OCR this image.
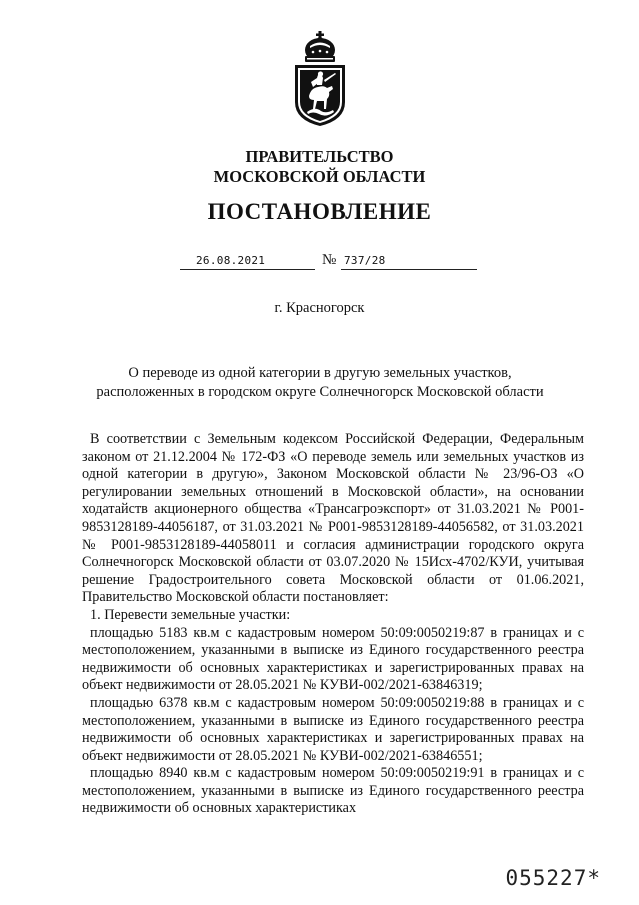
ПРАВИТЕЛЬСТВО
МОСКОВСКОЙ ОБЛАСТИ
ПОСТАНОВЛЕНИЕ
26.08.2021	№ 737/28
г. Красногорск
О переводе из одной категории в другую земельных участков,
расположенных в городском округе Солнечногорск Московской области

В соответствии с Земельным кодексом Российской Федерации, Федеральным законом от 21.12.2004 № 172-ФЗ «О переводе земель или земельных участков из одной категории в другую», Законом Московской области № 23/96-ОЗ «О регулировании земельных отношений в Московской области», на основании ходатайств акционерного общества «Трансагроэкспорт» от 31.03.2021 № Р001-9853128189-44056187, от 31.03.2021 № Р001-9853128189-44056582, от 31.03.2021 № Р001-9853128189-44058011 и согласия администрации городского округа Солнечногорск Московской области от 03.07.2020 № 15Исх-4702/КУИ, учитывая решение Градостроительного совета Московской области от 01.06.2021, Правительство Московской области постановляет:

1. Перевести земельные участки:

площадью 5183 кв.м с кадастровым номером 50:09:0050219:87 в границах и с местоположением, указанными в выписке из Единого государственного реестра недвижимости об основных характеристиках и зарегистрированных правах на объект недвижимости от 28.05.2021 № КУВИ-002/2021-63846319;

площадью 6378 кв.м с кадастровым номером 50:09:0050219:88 в границах и с местоположением, указанными в выписке из Единого государственного реестра недвижимости об основных характеристиках и зарегистрированных правах на объект недвижимости от 28.05.2021 № КУВИ-002/2021-63846551;

площадью 8940 кв.м с кадастровым номером 50:09:0050219:91 в границах и с местоположением, указанными в выписке из Единого государственного реестра недвижимости об основных характеристиках

055227*
